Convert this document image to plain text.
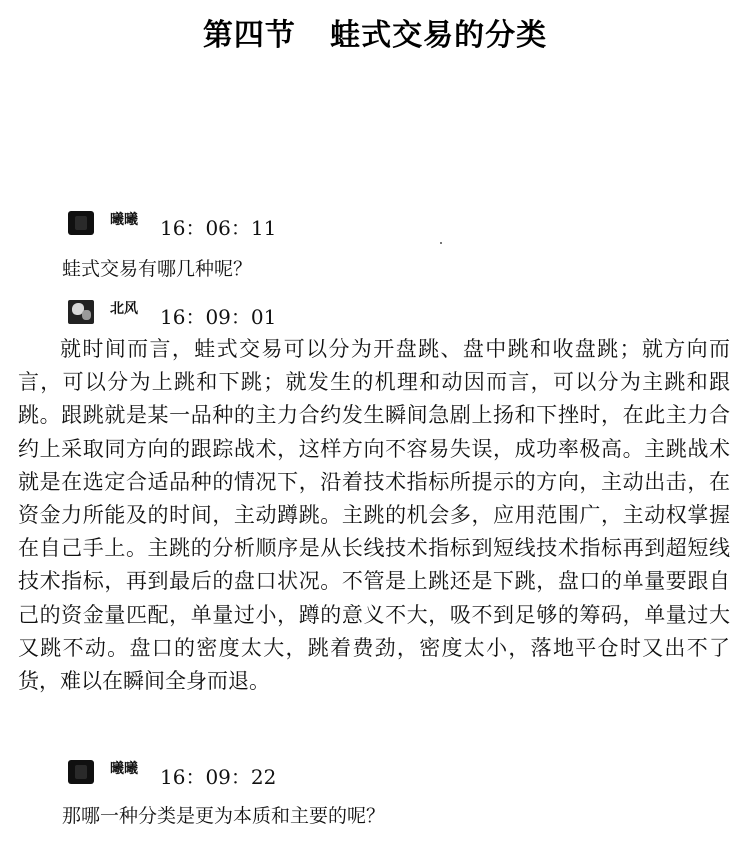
第四节   蛙式交易的分类
曦曦 16：06：11
蛙式交易有哪几种呢？
北风 16：09：01

就时间而言，蛙式交易可以分为开盘跳、盘中跳和收盘跳；就方向而言，可以分为上跳和下跳；就发生的机理和动因而言，可以分为主跳和跟跳。跟跳就是某一品种的主力合约发生瞬间急剧上扬和下挫时，在此主力合约上采取同方向的跟踪战术，这样方向不容易失误，成功率极高。主跳战术就是在选定合适品种的情况下，沿着技术指标所提示的方向，主动出击，在资金力所能及的时间，主动蹲跳。主跳的机会多，应用范围广，主动权掌握在自己手上。主跳的分析顺序是从长线技术指标到短线技术指标再到超短线技术指标，再到最后的盘口状况。不管是上跳还是下跳，盘口的单量要跟自己的资金量匹配，单量过小，蹲的意义不大，吸不到足够的筹码，单量过大又跳不动。盘口的密度太大，跳着费劲，密度太小，落地平仓时又出不了货，难以在瞬间全身而退。

曦曦 16：09：22
那哪一种分类是更为本质和主要的呢？
